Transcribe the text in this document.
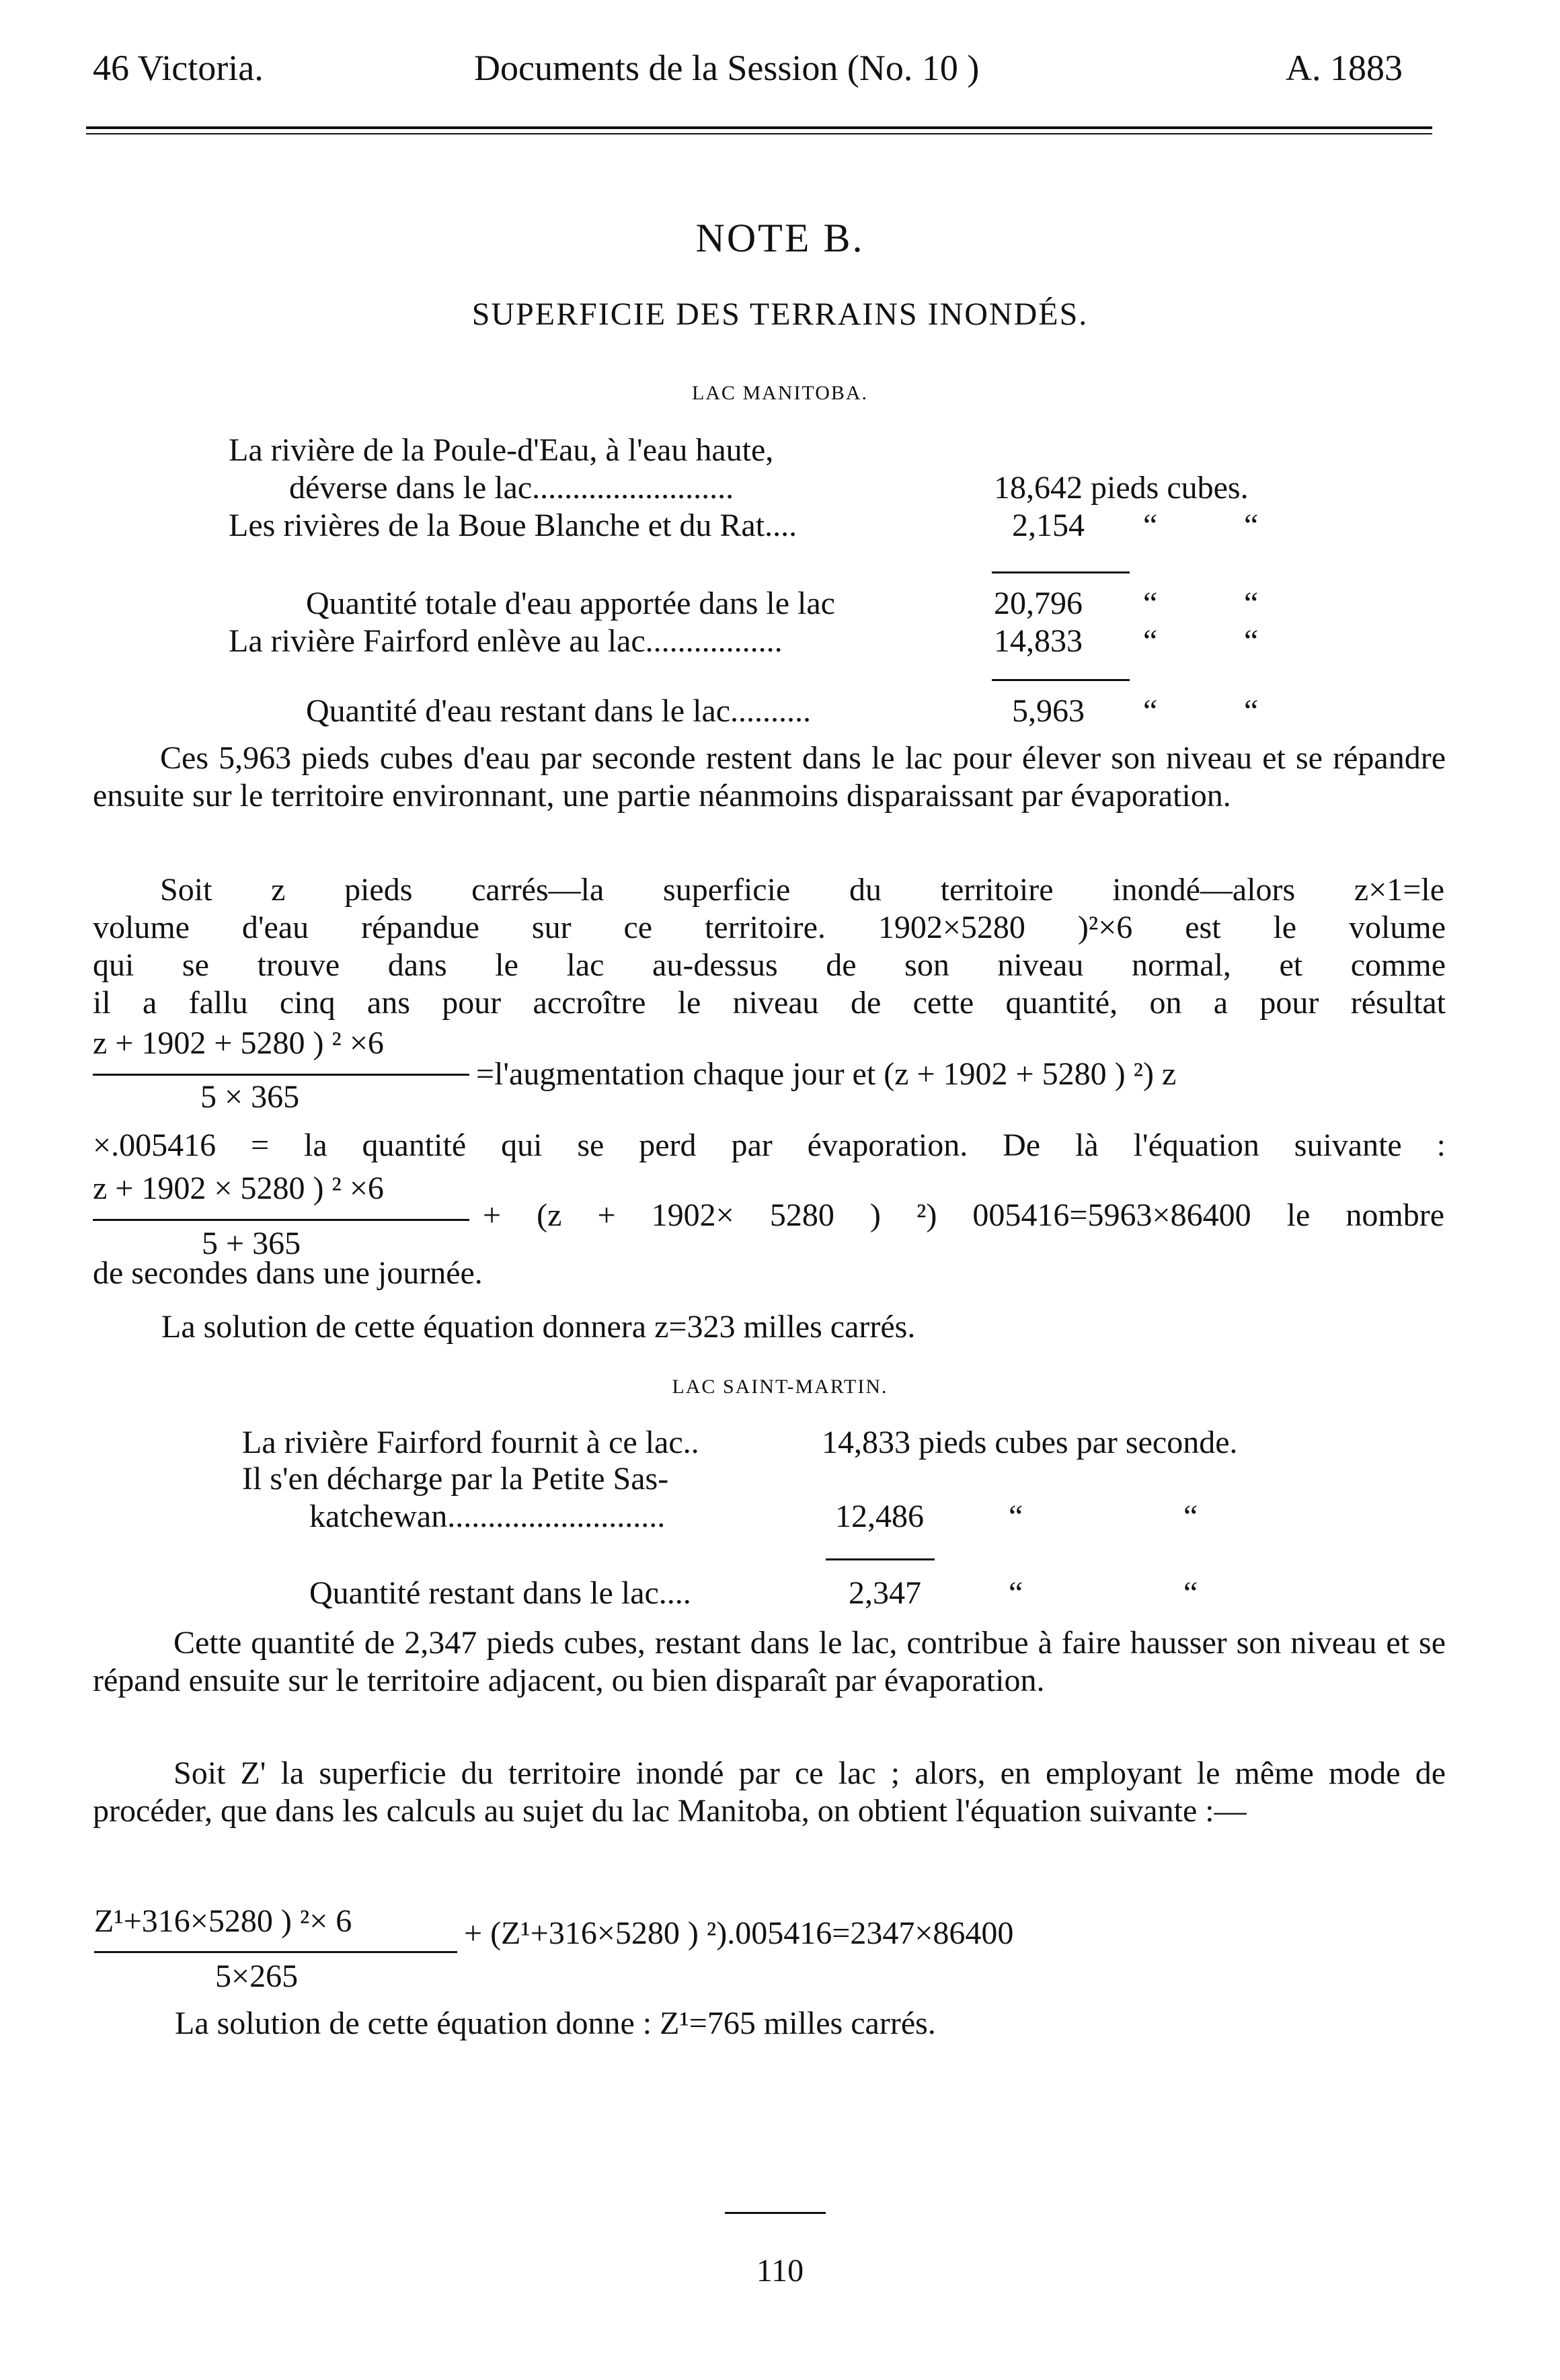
46 Victoria.	Documents de la Session (No. 10 )	A. 1883
NOTE B.
SUPERFICIE DES TERRAINS INONDÉS.
LAC MANITOBA.
La rivière de la Poule-d'Eau, à l'eau haute,
déverse dans le lac.........................	18,642 pieds cubes.
Les rivières de la Boue Blanche et du Rat....	2,154 “	“
Quantité totale d'eau apportée dans le lac	20,796 “	“
La rivière Fairford enlève au lac.................	14,833 “	“
Quantité d'eau restant dans le lac..........	5,963 “	“
Ces 5,963 pieds cubes d'eau par seconde restent dans le lac pour élever son niveau et se répandre ensuite sur le territoire environnant, une partie néanmoins disparaissant par évaporation.
Soit z pieds carrés—la superficie du territoire inondé—alors z×1=le
volume d'eau répandue sur ce territoire. 1902×5280 )²×6 est le volume
qui se trouve dans le lac au-dessus de son niveau normal, et comme
il a fallu cinq ans pour accroître le niveau de cette quantité, on a pour résultat
z + 1902 + 5280 ) ² ×6
5 × 365
=l'augmentation chaque jour et (z + 1902 + 5280 ) ²) z
×.005416 = la quantité qui se perd par évaporation. De là l'équation suivante :
z + 1902 × 5280 ) ² ×6
5 + 365
+ (z + 1902× 5280 ) ²) 005416=5963×86400 le nombre
de secondes dans une journée.
La solution de cette équation donnera z=323 milles carrés.
LAC SAINT-MARTIN.
La rivière Fairford fournit à ce lac..	14,833 pieds cubes par seconde.
Il s'en décharge par la Petite Sas-
katchewan...........................	12,486	“	“
Quantité restant dans le lac....	2,347	“	“
Cette quantité de 2,347 pieds cubes, restant dans le lac, contribue à faire hausser son niveau et se répand ensuite sur le territoire adjacent, ou bien disparaît par évaporation.
Soit Z' la superficie du territoire inondé par ce lac ; alors, en employant le même mode de procéder, que dans les calculs au sujet du lac Manitoba, on obtient l'équation suivante :—
Z¹+316×5280 ) ²× 6
5×265
+ (Z¹+316×5280 ) ²).005416=2347×86400
La solution de cette équation donne : Z¹=765 milles carrés.
110
